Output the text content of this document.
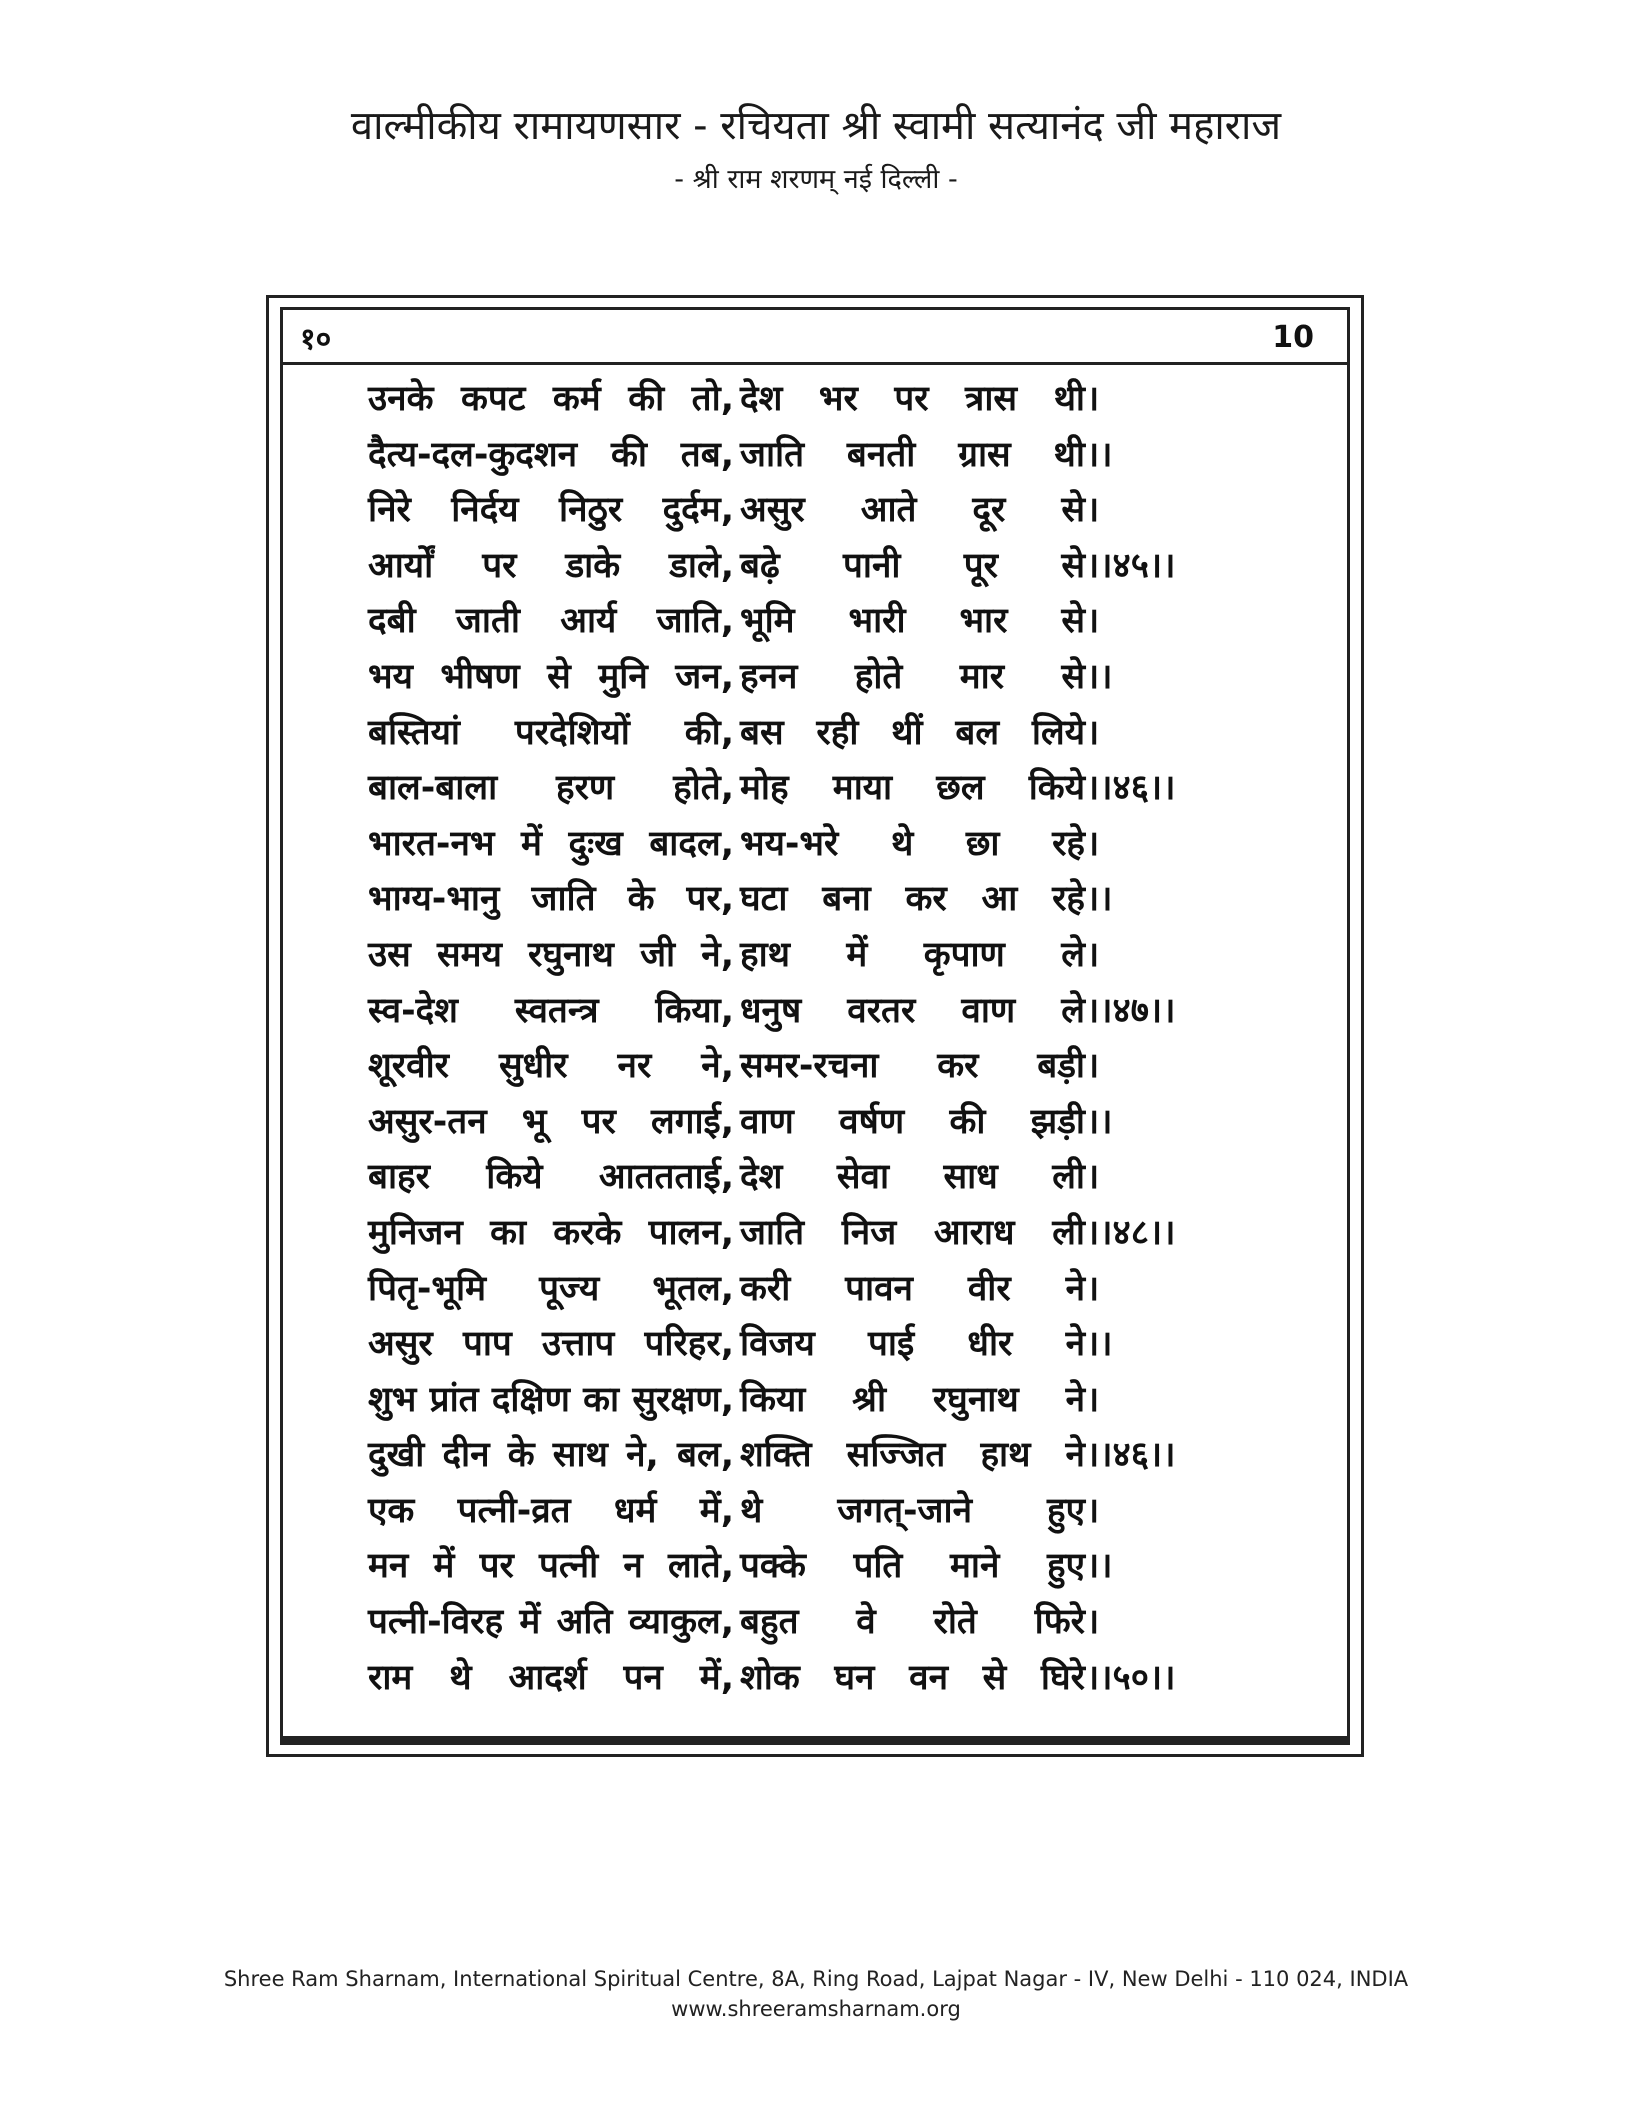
वाल्मीकीय रामायणसार - रचियता श्री स्वामी सत्यानंद जी महाराज
- श्री राम शरणम् नई दिल्ली -
१०	10
उनके कपट कर्म की तो, देश भर पर त्रास थी ।
दैत्य-दल-कुदशन की तब, जाति बनती ग्रास थी ।।
निरे निर्दय निठुर दुर्दम, असुर आते दूर से ।
आर्यों पर डाके डाले, बढ़े पानी पूर से ।।४५।।
दबी जाती आर्य जाति, भूमि भारी भार से ।
भय भीषण से मुनि जन, हनन होते मार से ।।
बस्तियां परदेशियों की, बस रही थीं बल लिये ।
बाल-बाला हरण होते, मोह माया छल किये ।।४६।।
भारत-नभ में दुःख बादल, भय-भरे थे छा रहे ।
भाग्य-भानु जाति के पर, घटा बना कर आ रहे ।।
उस समय रघुनाथ जी ने, हाथ में कृपाण ले ।
स्व-देश स्वतन्त्र किया, धनुष वरतर वाण ले ।।४७।।
शूरवीर सुधीर नर ने, समर-रचना कर बड़ी ।
असुर-तन भू पर लगाई, वाण वर्षण की झड़ी ।।
बाहर किये आततताई, देश सेवा साध ली ।
मुनिजन का करके पालन, जाति निज आराध ली ।।४८।।
पितृ-भूमि पूज्य भूतल, करी पावन वीर ने ।
असुर पाप उत्ताप परिहर, विजय पाई धीर ने ।।
शुभ प्रांत दक्षिण का सुरक्षण, किया श्री रघुनाथ ने ।
दुखी दीन के साथ ने, बल, शक्ति सज्जित हाथ ने ।।४६।।
एक पत्नी-व्रत धर्म में, थे जगत्-जाने हुए ।
मन में पर पत्नी न लाते, पक्के पति माने हुए ।।
पत्नी-विरह में अति व्याकुल, बहुत वे रोते फिरे ।
राम थे आदर्श पन में, शोक घन वन से घिरे ।।५०।।
Shree Ram Sharnam, International Spiritual Centre, 8A, Ring Road, Lajpat Nagar - IV, New Delhi - 110 024, INDIA
www.shreeramsharnam.org
